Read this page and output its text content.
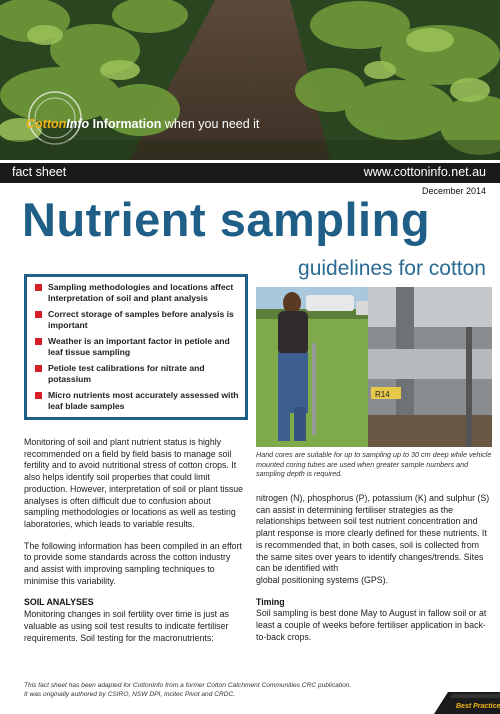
CottonInfo Information when you need it
fact sheet	www.cottoninfo.net.au
December 2014
Nutrient sampling
guidelines for cotton
Sampling methodologies and locations affect Interpretation of soil and plant analysis
Correct storage of samples before analysis is important
Weather is an important factor in petiole and leaf tissue sampling
Petiole test calibrations for nitrate and potassium
Micro nutrients most accurately assessed with leaf blade samples
R14
Hand cores are suitable for up to sampling up to 30 cm deep while vehicle mounted coring tubes are used when greater sample numbers and sampling depth is required.

Monitoring of soil and plant nutrient status is highly recommended on a field by field basis to manage soil fertility and to avoid nutritional stress of cotton crops. It also helps identify soil properties that could limit production. However, interpretation of soil or plant tissue analyses is often difficult due to confusion about sampling methodologies or locations as well as testing laboratories, which leads to variable results.

The following information has been compiled in an effort to provide some standards across the cotton industry and assist with improving sampling techniques to minimise this variability.

SOIL ANALYSES

Monitoring changes in soil fertility over time is just as valuable as using soil test results to indicate fertiliser requirements. Soil testing for the macronutrients:

nitrogen (N), phosphorus (P), potassium (K) and sulphur (S) can assist in determining fertiliser strategies as the relationships between soil test nutrient concentration and plant response is more clearly defined for these nutrients. It is recommended that, in both cases, soil is collected from the same sites over years to identify changes/trends. Sites can be identified with

global positioning systems (GPS).

Timing

Soil sampling is best done May to August in fallow soil or at least a couple of weeks before fertiliser application in back-to-back crops.

This fact sheet has been adapted for CottonInfo from a former Cotton Catchment Communities CRC publication.
It was originally authored by CSIRO, NSW DPI, Incitec Pivot and CRDC.
Best Practice
